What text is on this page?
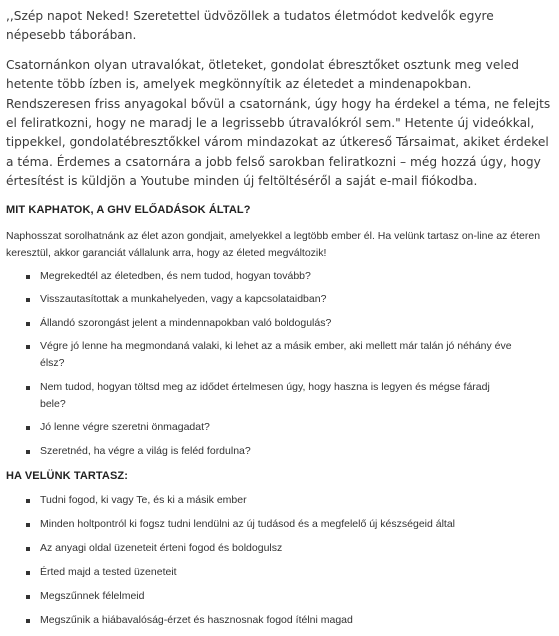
,,Szép napot Neked! Szeretettel üdvözöllek a tudatos életmódot kedvelők egyre népesebb táborában.

Csatornánkon olyan utravalókat, ötleteket, gondolat ébresztőket osztunk meg veled hetente több ízben is, amelyek megkönnyítik az életedet a mindenapokban. Rendszeresen friss anyagokal bővül a csatornánk, úgy hogy ha érdekel a téma, ne felejts el feliratkozni, hogy ne maradj le a legrissebb útravalókról sem." Hetente új videókkal, tippekkel, gondolatébresztőkkel várom mindazokat az útkereső Társaimat, akiket érdekel a téma. Érdemes a csatornára a jobb felső sarokban feliratkozni – még hozzá úgy, hogy értesítést is küldjön a Youtube minden új feltöltéséről a saját e-mail fiókodba.

MIT KAPHATOK, A GHV ELŐADÁSOK ÁLTAL?

Naphosszat sorolhatnánk az élet azon gondjait, amelyekkel a legtöbb ember él. Ha velünk tartasz on-line az éteren keresztül, akkor garanciát vállalunk arra, hogy az életed megváltozik!

Megrekedtél az életedben, és nem tudod, hogyan tovább?
Visszautasítottak a munkahelyeden, vagy a kapcsolataidban?
Állandó szorongást jelent a mindennapokban való boldogulás?
Végre jó lenne ha megmondaná valaki, ki lehet az a másik ember, aki mellett már talán jó néhány éve élsz?
Nem tudod, hogyan töltsd meg az idődet értelmesen úgy, hogy haszna is legyen és mégse fáradj bele?
Jó lenne végre szeretni önmagadat?
Szeretnéd, ha végre a világ is feléd fordulna?
HA VELÜNK TARTASZ:
Tudni fogod, ki vagy Te, és ki a másik ember
Minden holtpontról ki fogsz tudni lendülni az új tudásod és a megfelelő új készségeid által
Az anyagi oldal üzeneteit érteni fogod és boldogulsz
Érted majd a tested üzeneteit
Megszűnnek félelmeid
Megszűnik a hiábavalóság-érzet és hasznosnak fogod ítélni magad
